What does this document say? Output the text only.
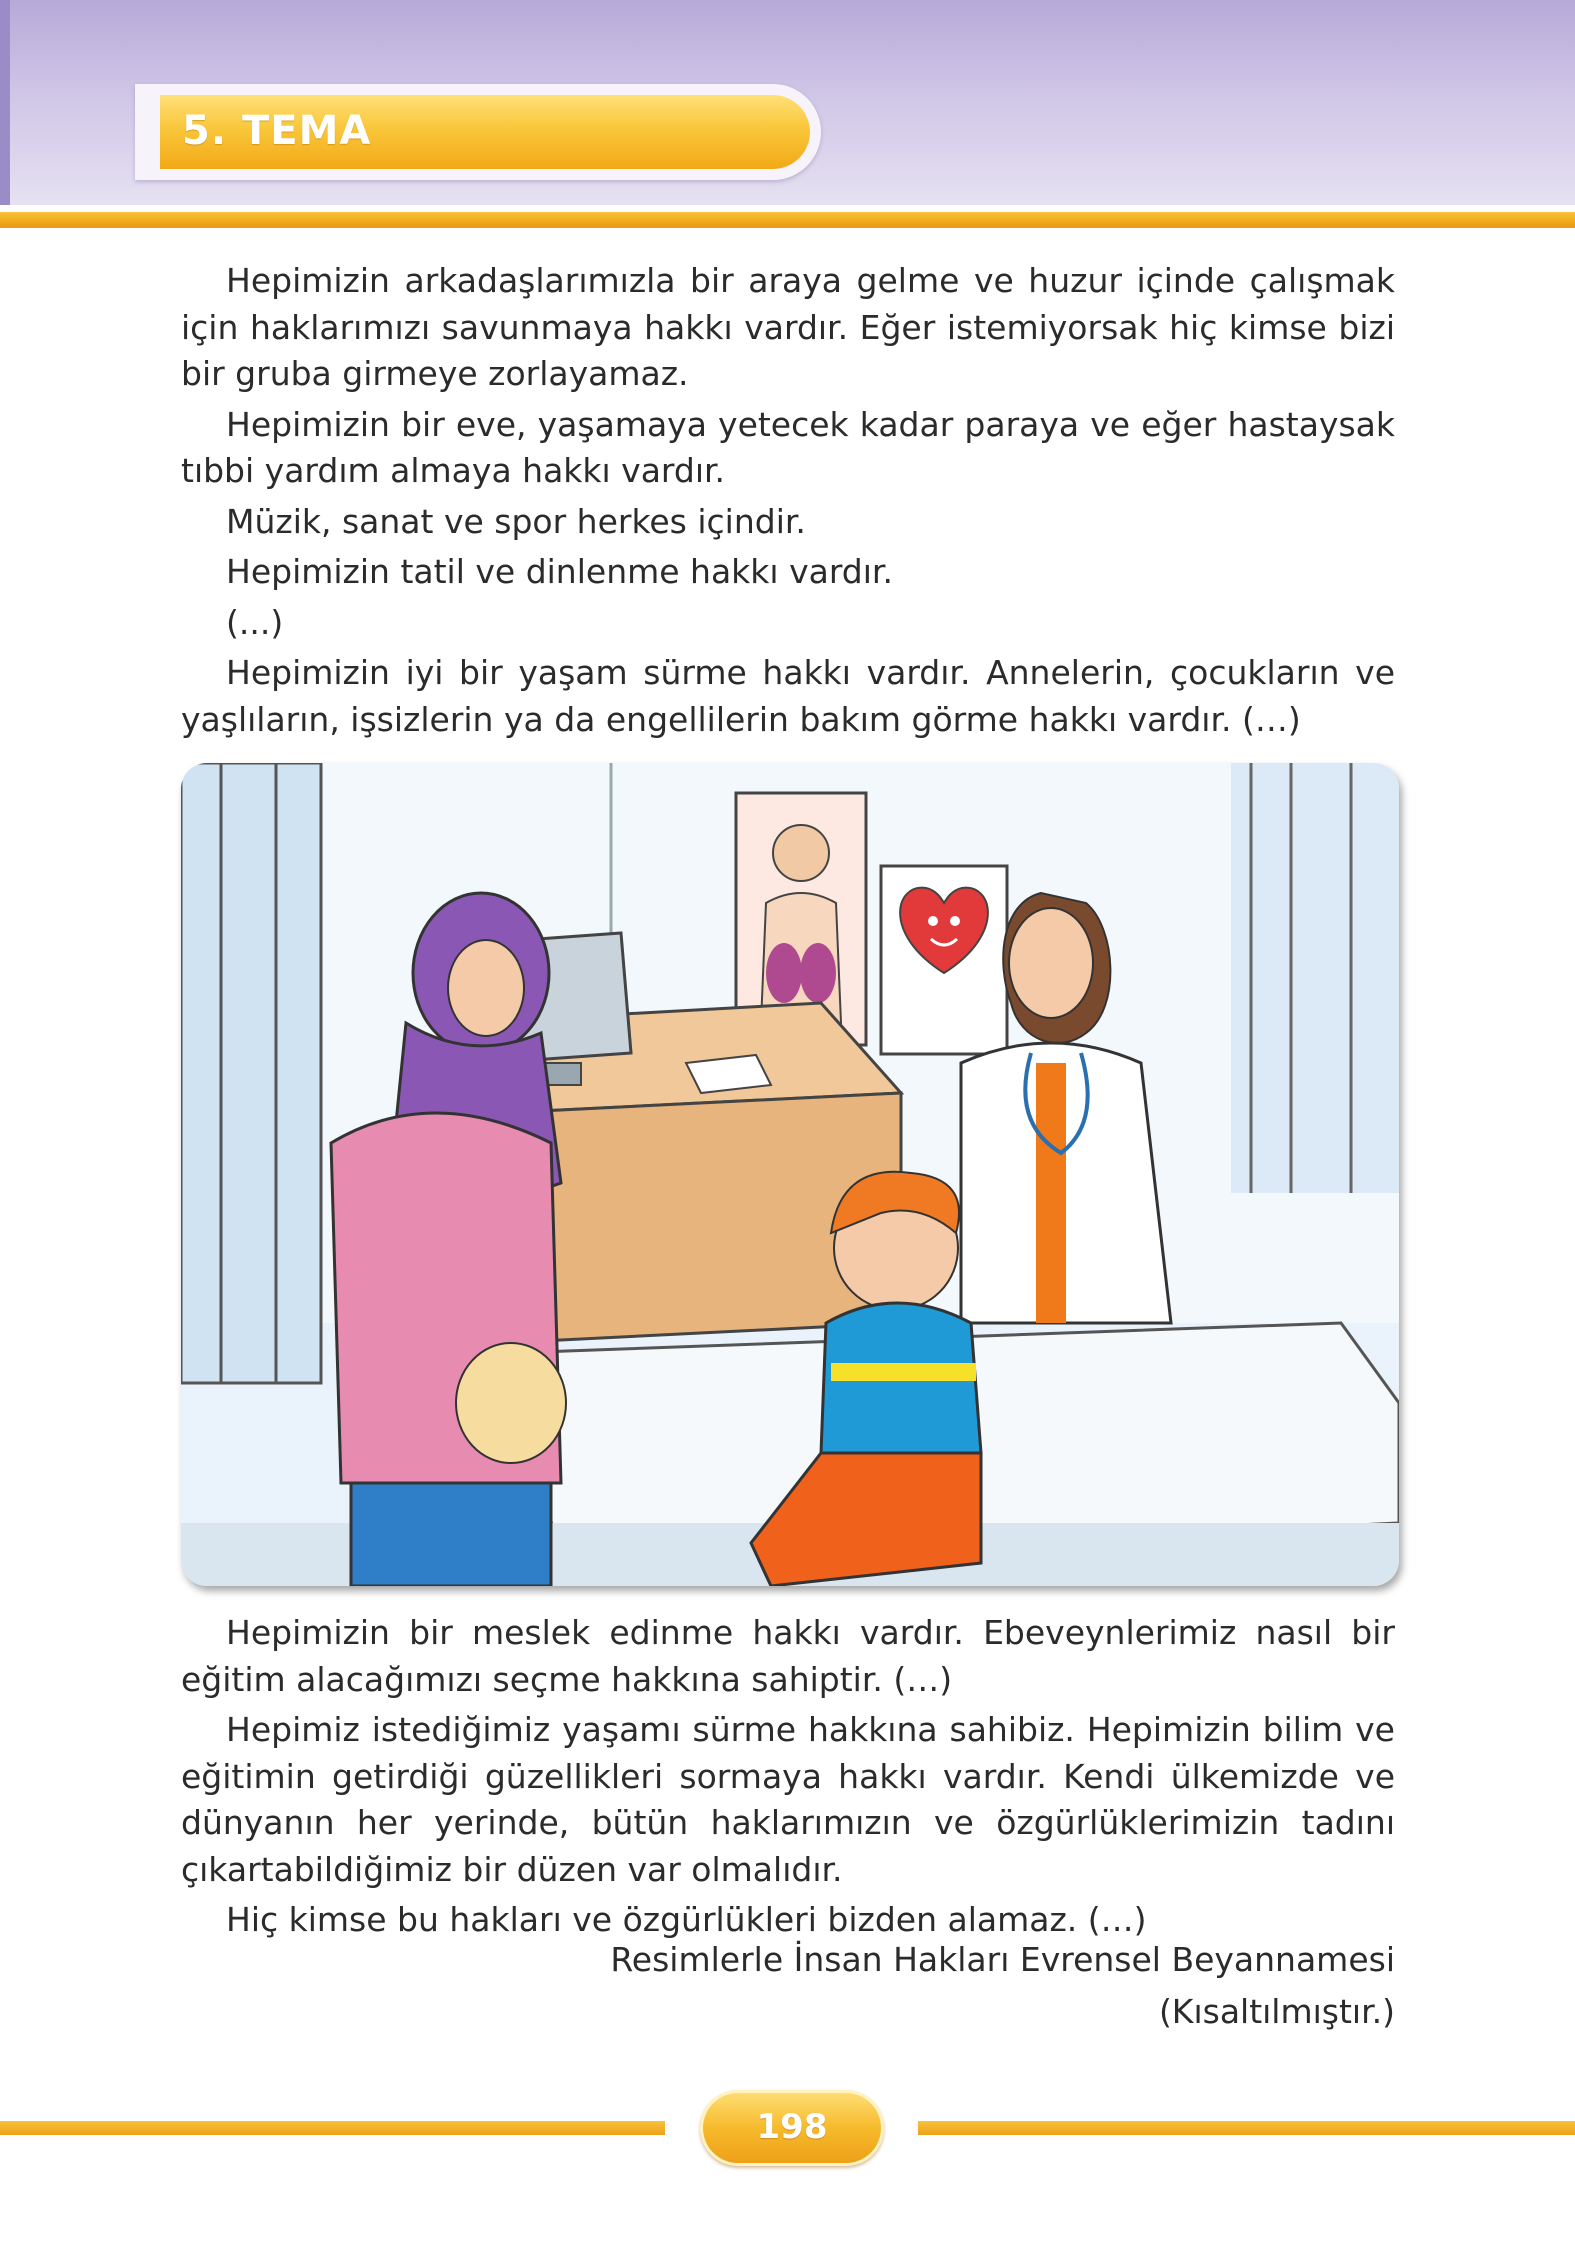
5. TEMA

Hepimizin arkadaşlarımızla bir araya gelme ve huzur içinde çalışmak için haklarımızı savunmaya hakkı vardır. Eğer istemiyorsak hiç kimse bizi bir gruba girmeye zorlayamaz.

Hepimizin bir eve, yaşamaya yetecek kadar paraya ve eğer hastaysak tıbbi yardım almaya hakkı vardır.

Müzik, sanat ve spor herkes içindir.

Hepimizin tatil ve dinlenme hakkı vardır.

(...)

Hepimizin iyi bir yaşam sürme hakkı vardır. Annelerin, çocukların ve yaşlıların, işsizlerin ya da engellilerin bakım görme hakkı vardır. (…)

Hepimizin bir meslek edinme hakkı vardır. Ebeveynlerimiz nasıl bir eğitim alacağımızı seçme hakkına sahiptir. (…)

Hepimiz istediğimiz yaşamı sürme hakkına sahibiz. Hepimizin bilim ve eğitimin getirdiği güzellikleri sormaya hakkı vardır. Kendi ülkemizde ve dünyanın her yerinde, bütün haklarımızın ve özgürlüklerimizin tadını çıkartabildiğimiz bir düzen var olmalıdır.

Hiç kimse bu hakları ve özgürlükleri bizden alamaz. (…)

Resimlerle İnsan Hakları Evrensel Beyannamesi
(Kısaltılmıştır.)
198
